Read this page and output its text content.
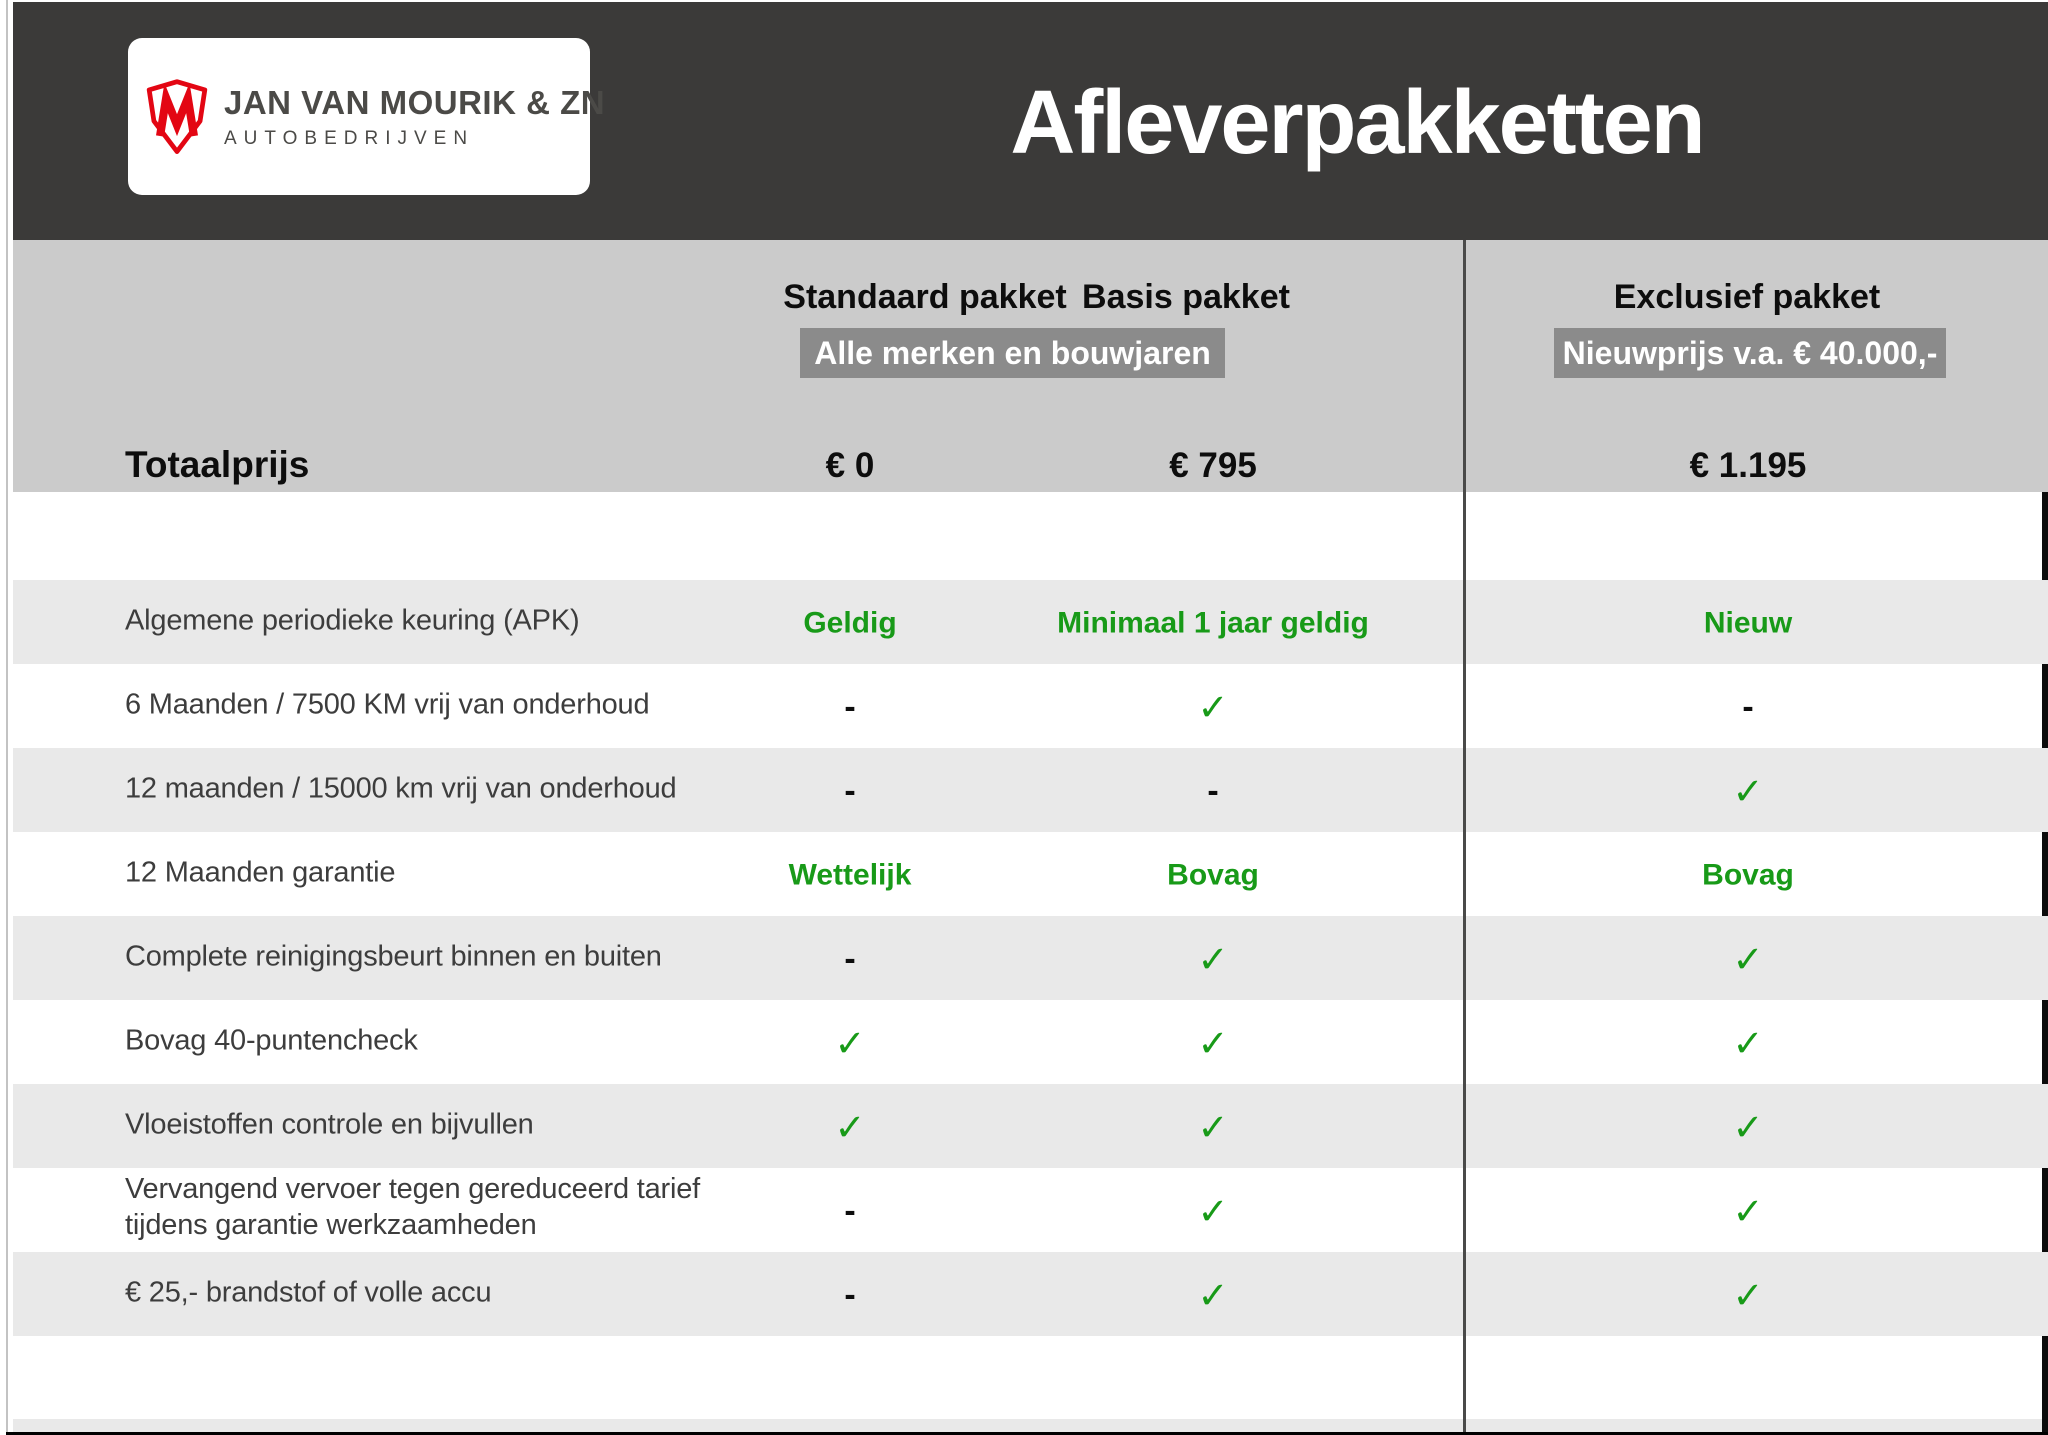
JAN VAN MOURIK & ZN
AUTOBEDRIJVEN	Afleverpakketten
Standaard pakket Basis pakket	Exclusief pakket
Alle merken en bouwjaren	Nieuwprijs v.a. € 40.000,-
Totaalprijs	€ 0	€ 795	€ 1.195
Algemene periodieke keuring (APK)	Geldig	Minimaal 1 jaar geldig	Nieuw
6 Maanden / 7500 KM vrij van onderhoud	-	✓	-
12 maanden / 15000 km vrij van onderhoud	-	-	✓
12 Maanden garantie	Wettelijk	Bovag	Bovag
Complete reinigingsbeurt binnen en buiten	-	✓	✓
Bovag 40-puntencheck	✓	✓	✓
Vloeistoffen controle en bijvullen	✓	✓	✓
Vervangend vervoer tegen gereduceerd tarief
tijdens garantie werkzaamheden	-	✓	✓
€ 25,- brandstof of volle accu	-	✓	✓
